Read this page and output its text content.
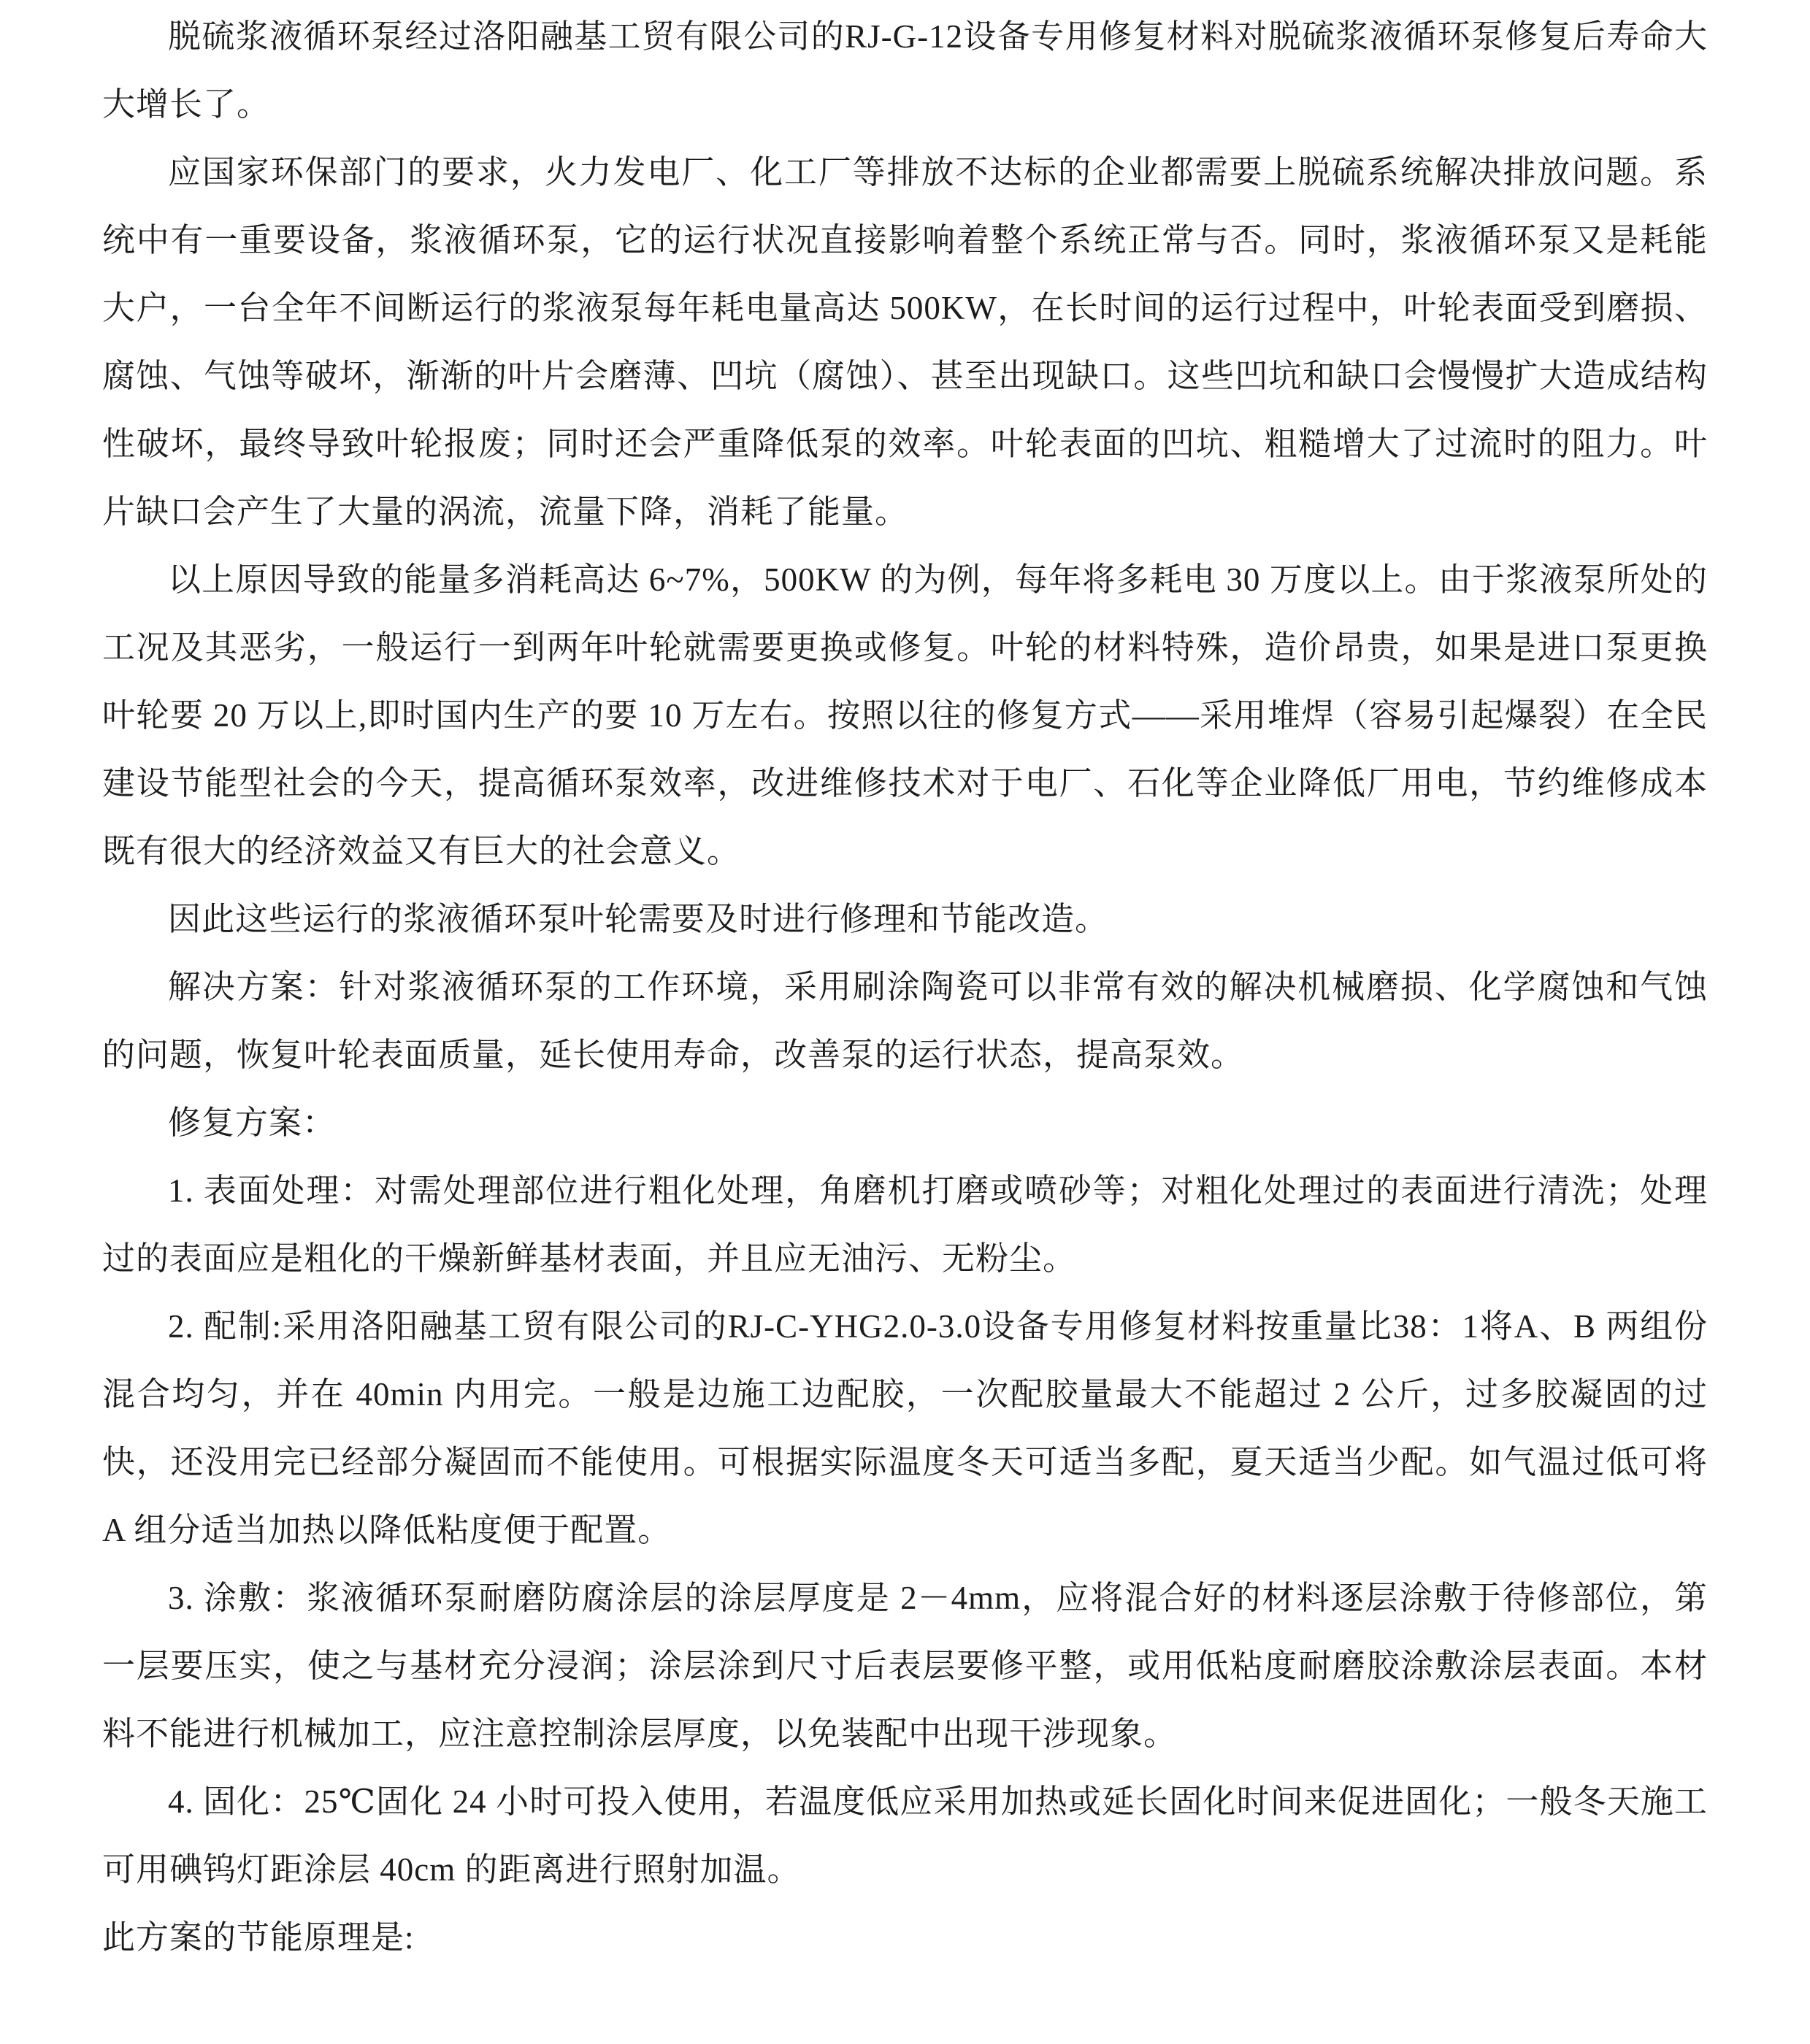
脱硫浆液循环泵经过洛阳融基工贸有限公司的RJ-G-12设备专用修复材料对脱硫浆液循环泵修复后寿命大大增长了。

应国家环保部门的要求，火力发电厂、化工厂等排放不达标的企业都需要上脱硫系统解决排放问题。系统中有一重要设备，浆液循环泵，它的运行状况直接影响着整个系统正常与否。同时，浆液循环泵又是耗能大户，一台全年不间断运行的浆液泵每年耗电量高达 500KW，在长时间的运行过程中，叶轮表面受到磨损、腐蚀、气蚀等破坏，渐渐的叶片会磨薄、凹坑（腐蚀）、甚至出现缺口。这些凹坑和缺口会慢慢扩大造成结构性破坏，最终导致叶轮报废；同时还会严重降低泵的效率。叶轮表面的凹坑、粗糙增大了过流时的阻力。叶片缺口会产生了大量的涡流，流量下降，消耗了能量。

以上原因导致的能量多消耗高达 6~7%，500KW 的为例，每年将多耗电 30 万度以上。由于浆液泵所处的工况及其恶劣，一般运行一到两年叶轮就需要更换或修复。叶轮的材料特殊，造价昂贵，如果是进口泵更换叶轮要 20 万以上,即时国内生产的要 10 万左右。按照以往的修复方式——采用堆焊（容易引起爆裂）在全民建设节能型社会的今天，提高循环泵效率，改进维修技术对于电厂、石化等企业降低厂用电，节约维修成本既有很大的经济效益又有巨大的社会意义。

因此这些运行的浆液循环泵叶轮需要及时进行修理和节能改造。

解决方案：针对浆液循环泵的工作环境，采用刷涂陶瓷可以非常有效的解决机械磨损、化学腐蚀和气蚀的问题，恢复叶轮表面质量，延长使用寿命，改善泵的运行状态，提高泵效。

修复方案：

1. 表面处理：对需处理部位进行粗化处理，角磨机打磨或喷砂等；对粗化处理过的表面进行清洗；处理过的表面应是粗化的干燥新鲜基材表面，并且应无油污、无粉尘。

2. 配制:采用洛阳融基工贸有限公司的RJ-C-YHG2.0-3.0设备专用修复材料按重量比38：1将A、B 两组份混合均匀，并在 40min 内用完。一般是边施工边配胶，一次配胶量最大不能超过 2 公斤，过多胶凝固的过快，还没用完已经部分凝固而不能使用。可根据实际温度冬天可适当多配，夏天适当少配。如气温过低可将 A 组分适当加热以降低粘度便于配置。

3. 涂敷：浆液循环泵耐磨防腐涂层的涂层厚度是 2－4mm，应将混合好的材料逐层涂敷于待修部位，第一层要压实，使之与基材充分浸润；涂层涂到尺寸后表层要修平整，或用低粘度耐磨胶涂敷涂层表面。本材料不能进行机械加工，应注意控制涂层厚度，以免装配中出现干涉现象。

4. 固化：25℃固化 24 小时可投入使用，若温度低应采用加热或延长固化时间来促进固化；一般冬天施工可用碘钨灯距涂层 40cm 的距离进行照射加温。

此方案的节能原理是:
